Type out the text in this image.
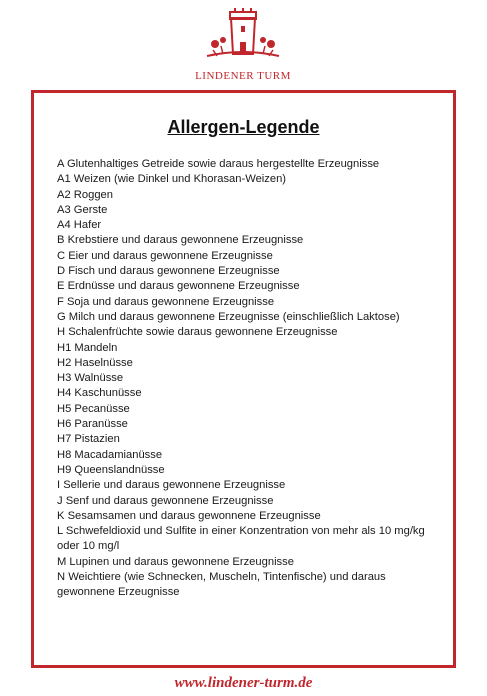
LINDENER TURM
Allergen-Legende
A Glutenhaltiges Getreide sowie daraus hergestellte Erzeugnisse
A1 Weizen (wie Dinkel und Khorasan-Weizen)
A2 Roggen
A3 Gerste
A4 Hafer
B Krebstiere und daraus gewonnene Erzeugnisse
C Eier und daraus gewonnene Erzeugnisse
D Fisch und daraus gewonnene Erzeugnisse
E Erdnüsse und daraus gewonnene Erzeugnisse
F Soja und daraus gewonnene Erzeugnisse
G Milch und daraus gewonnene Erzeugnisse (einschließlich Laktose)
H Schalenfrüchte sowie daraus gewonnene Erzeugnisse
H1 Mandeln
H2 Haselnüsse
H3 Walnüsse
H4 Kaschunüsse
H5 Pecanüsse
H6 Paranüsse
H7 Pistazien
H8 Macadamianüsse
H9 Queenslandnüsse
I Sellerie und daraus gewonnene Erzeugnisse
J Senf und daraus gewonnene Erzeugnisse
K Sesamsamen und daraus gewonnene Erzeugnisse
L Schwefeldioxid und Sulfite in einer Konzentration von mehr als 10 mg/kg oder 10 mg/l
M Lupinen und daraus gewonnene Erzeugnisse
N Weichtiere (wie Schnecken, Muscheln, Tintenfische) und daraus gewonnene Erzeugnisse
www.lindener-turm.de
